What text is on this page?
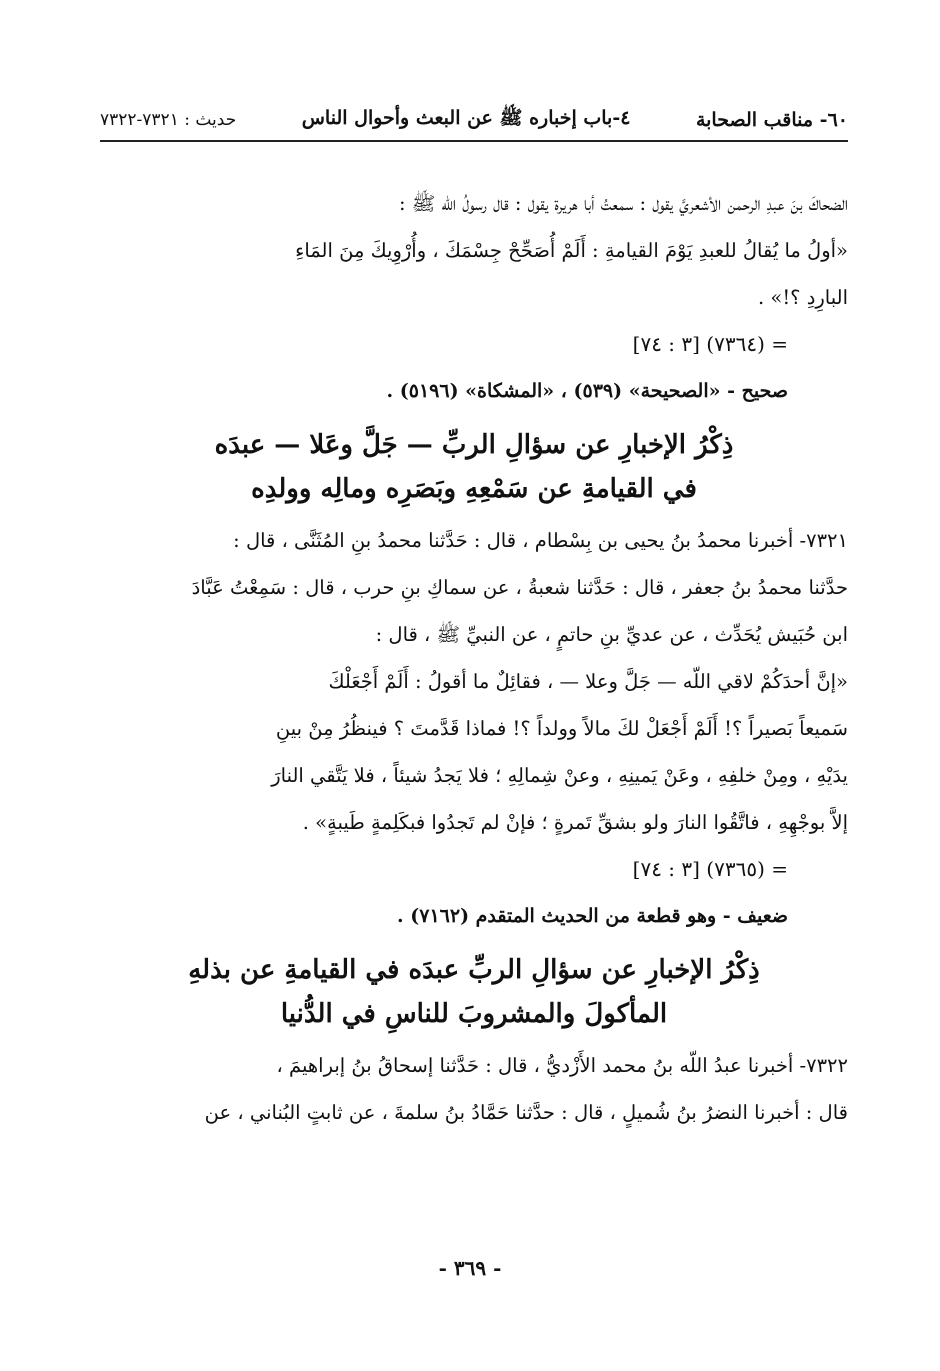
٦٠- مناقب الصحابة
٤-باب إخباره ﷺ عن البعث وأحوال الناس
حديث : ٧٣٢١-٧٣٢٢

الضحاكَ بنَ عبدِ الرحمن الأشعريَّ يقول : سمعتُ أبا هريرة يقول : قال رسولُ اللّه ﷺ :

«أولُ ما يُقالُ للعبدِ يَوْمَ القيامةِ : أَلَمْ أُصَحِّحْ جِسْمَكَ ، وأُرْوِيكَ مِنَ المَاءِ

البارِدِ ؟!» .

= (٧٣٦٤) [٣ : ٧٤]

صحيح - «الصحيحة» (٥٣٩) ، «المشكاة» (٥١٩٦) .

ذِكْرُ الإخبارِ عن سؤالِ الربِّ — جَلَّ وعَلا — عبدَه
في القيامةِ عن سَمْعِهِ وبَصَرِه ومالِه وولدِه

٧٣٢١- أخبرنا محمدُ بنُ يحيى بن بِسْطام ، قال : حَدَّثنا محمدُ بنِ المُثَنَّى ، قال :

حدَّثنا محمدُ بنُ جعفر ، قال : حَدَّثنا شعبةُ ، عن سماكِ بنِ حرب ، قال : سَمِعْتُ عَبَّادَ

ابن حُبَيش يُحَدِّث ، عن عديِّ بنِ حاتمٍ ، عن النبيِّ ﷺ ، قال :

«إنَّ أحدَكُمْ لاقي اللّه — جَلَّ وعلا — ، فقائِلٌ ما أقولُ : أَلَمْ أَجْعَلْكَ

سَميعاً بَصيراً ؟! أَلَمْ أَجْعَلْ لكَ مالاً وولداً ؟! فماذا قَدَّمتَ ؟ فينظُرُ مِنْ بينِ

يدَيْهِ ، ومِنْ خلفِهِ ، وعَنْ يَمينِهِ ، وعنْ شِمالِهِ ؛ فلا يَجدُ شيئاً ، فلا يَتَّقي النارَ

إلاَّ بوجْهِهِ ، فاتَّقُوا النارَ ولو بشقِّ تَمرةٍ ؛ فإنْ لم تَجدُوا فبكَلِمةٍ طَيبةٍ» .

= (٧٣٦٥) [٣ : ٧٤]

ضعيف - وهو قطعة من الحديث المتقدم (٧١٦٢) .

ذِكْرُ الإخبارِ عن سؤالِ الربِّ عبدَه في القيامةِ عن بذلهِ
المأكولَ والمشروبَ للناسِ في الدُّنيا

٧٣٢٢- أخبرنا عبدُ اللّه بنُ محمد الأَزْديُّ ، قال : حَدَّثنا إسحاقُ بنُ إبراهيمَ ،

قال : أخبرنا النضرُ بنُ شُميلٍ ، قال : حدَّثنا حَمَّادُ بنُ سلمةَ ، عن ثابتٍ البُناني ، عن

- ٣٦٩ -
